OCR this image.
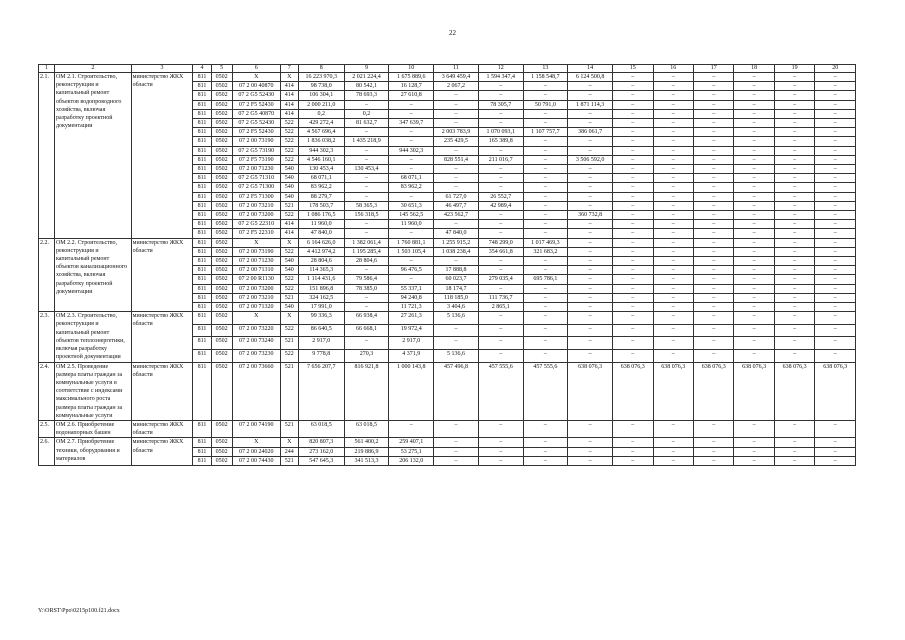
22
1	2	3	4	5	6	7	8	9	10	11	12	13	14	15	16	17	18	19	20
2.1.	ОМ 2.1. Строительство, реконструкция и капитальный ремонт объектов водопроводного хозяйства, включая разработку проектной документации	министерство ЖКХ области	811	0502	X	X	16 223 970,3	2 021 224,4	1 675 889,6	3 649 459,4	1 594 347,4	1 158 548,7	6 124 500,8	–	–	–	–	–	–
			811	0502	07 2 00 40870	414	98 738,0	80 542,1	16 128,7	2 067,2	–	–	–	–	–	–	–	–	–
			811	0502	07 2 G5 52430	414	106 304,1	78 693,3	27 610,8	–	–	–	–	–	–	–	–	–	–
			811	0502	07 2 F5 52430	414	2 000 211,0	–	–	–	78 305,7	50 791,0	1 871 114,3	–	–	–	–	–	–
			811	0502	07 2 G5 40870	414	0,2	0,2	–	–	–	–	–	–	–	–	–	–	–
			811	0502	07 2 G5 52430	522	429 272,4	81 632,7	347 639,7	–	–	–	–	–	–	–	–	–	–
			811	0502	07 2 F5 52430	522	4 567 696,4	–	–	2 003 783,9	1 070 093,1	1 107 757,7	386 061,7	–	–	–	–	–	–
			811	0502	07 2 00 73190	522	1 836 038,2	1 435 218,9	–	235 429,5	165 389,8	–	–	–	–	–	–	–	–
			811	0502	07 2 G5 73190	522	944 302,3	–	944 302,3	–	–	–	–	–	–	–	–	–	–
			811	0502	07 2 F5 73190	522	4 546 160,1	–	–	828 551,4	211 016,7	–	3 506 592,0	–	–	–	–	–	–
			811	0502	07 2 00 71230	540	130 453,4	130 453,4	–	–	–	–	–	–	–	–	–	–	–
			811	0502	07 2 G5 71310	540	68 071,1	–	68 071,1	–	–	–	–	–	–	–	–	–	–
			811	0502	07 2 G5 71300	540	83 962,2	–	83 962,2	–	–	–	–	–	–	–	–	–	–
			811	0502	07 2 F5 71300	540	88 279,7	–	–	61 727,0	26 552,7	–	–	–	–	–	–	–	–
			811	0502	07 2 00 73210	521	178 503,7	58 365,3	30 651,3	46 497,7	42 989,4	–	–	–	–	–	–	–	–
			811	0502	07 2 00 73200	522	1 086 176,5	156 318,5	145 562,5	423 562,7	–	–	360 732,8	–	–	–	–	–	–
			811	0502	07 2 G5 22310	414	11 960,0	–	11 960,0	–	–	–	–	–	–	–	–	–	–
			811	0502	07 2 F5 22310	414	47 840,0	–	–	47 840,0	–	–	–	–	–	–	–	–	–
2.2.	ОМ 2.2. Строительство, реконструкция и капитальный ремонт объектов канализационного хозяйства, включая разработку проектной документации	министерство ЖКХ области	811	0502	X	X	6 164 626,0	1 382 061,4	1 760 881,1	1 255 915,2	748 299,0	1 017 469,3	–	–	–	–	–	–	–
			811	0502	07 2 00 73190	522	4 412 974,2	1 195 285,4	1 503 105,4	1 038 238,4	354 661,8	321 683,2	–	–	–	–	–	–	–
			811	0502	07 2 00 71230	540	28 804,6	28 804,6	–	–	–	–	–	–	–	–	–	–	–
			811	0502	07 2 00 71310	540	114 365,3	–	96 476,5	17 888,8	–	–	–	–	–	–	–	–	–
			811	0502	07 2 00 R1130	522	1 114 431,6	79 586,4	–	60 023,7	279 035,4	695 786,1	–	–	–	–	–	–	–
			811	0502	07 2 00 73200	522	151 896,8	78 385,0	55 337,1	18 174,7	–	–	–	–	–	–	–	–	–
			811	0502	07 2 00 73210	521	324 162,5	–	94 240,8	118 185,0	111 736,7	–	–	–	–	–	–	–	–
			811	0502	07 2 00 71320	540	17 991,0	–	11 721,3	3 404,6	2 865,1	–	–	–	–	–	–	–	–
2.3.	ОМ 2.3. Строительство, реконструкция и капитальный ремонт объектов теплоэнергетики, включая разработку проектной документации	министерство ЖКХ области	811	0502	X	X	99 336,3	66 938,4	27 261,3	5 136,6	–	–	–	–	–	–	–	–	–
			811	0502	07 2 00 73220	522	86 640,5	66 668,1	19 972,4	–	–	–	–	–	–	–	–	–	–
			811	0502	07 2 00 73240	521	2 917,0	–	2 917,0	–	–	–	–	–	–	–	–	–	–
			811	0502	07 2 00 73230	522	9 778,8	270,3	4 371,9	5 136,6	–	–	–	–	–	–	–	–	–
2.4.	ОМ 2.5. Проведение размера платы граждан за коммунальные услуги в соответствие с индексами максимального роста размера платы граждан за коммунальные услуги	министерство ЖКХ области	811	0502	07 2 00 73660	521	7 656 207,7	816 921,8	1 000 143,8	457 496,8	457 555,6	457 555,6	638 076,3	638 076,3	638 076,3	638 076,3	638 076,3	638 076,3	638 076,3
2.5.	ОМ 2.6. Приобретение водонапорных башен	министерство ЖКХ области	811	0502	07 2 00 74190	521	63 018,5	63 018,5	–	–	–	–	–	–	–	–	–	–	–
2.6.	ОМ 2.7. Приобретение техники, оборудования и материалов	министерство ЖКХ области	811	0502	X	X	820 807,3	561 400,2	259 407,1	–	–	–	–	–	–	–	–	–	–
			811	0502	07 2 00 24020	244	273 162,0	219 886,9	53 275,1	–	–	–	–	–	–	–	–	–	–
			811	0502	07 2 00 74430	521	547 645,3	341 513,3	206 132,0	–	–	–	–	–	–	–	–	–	–
Y:\ORST\Ppo\0215p100.f21.docx
